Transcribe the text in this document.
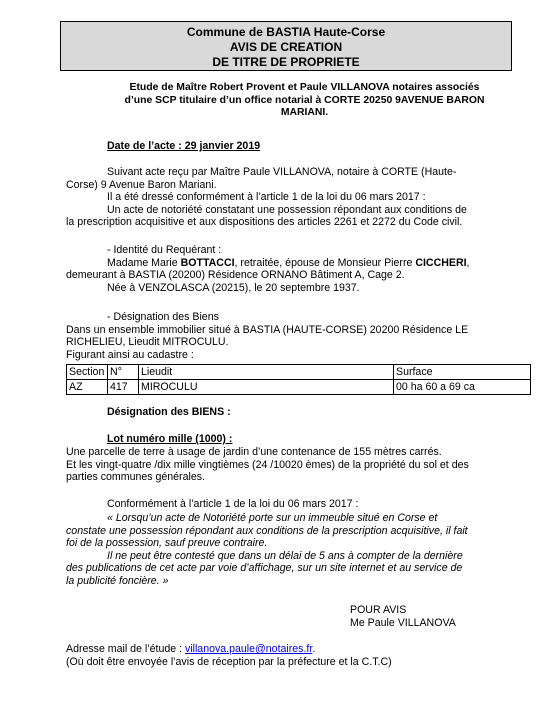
Commune de BASTIA Haute-Corse
AVIS DE CREATION
DE TITRE DE PROPRIETE
Etude de Maître Robert Provent et Paule VILLANOVA notaires associés
d’une SCP titulaire d’un office notarial à CORTE 20250 9AVENUE BARON
MARIANI.
Date de l’acte : 29 janvier 2019
Suivant acte reçu par Maître Paule VILLANOVA, notaire à CORTE (Haute-
Corse) 9 Avenue Baron Mariani.
Il a été dressé conformément à l’article 1 de la loi du 06 mars 2017 :
Un acte de notoriété constatant une possession répondant aux conditions de
la prescription acquisitive et aux dispositions des articles 2261 et 2272 du Code civil.
- Identité du Requérant :
Madame Marie BOTTACCI, retraitée, épouse de Monsieur Pierre CICCHERI,
demeurant à BASTIA (20200) Résidence ORNANO Bâtiment A, Cage 2.
Née à VENZOLASCA (20215), le 20 septembre 1937.
- Désignation des Biens
Dans un ensemble immobilier situé à BASTIA (HAUTE-CORSE) 20200 Résidence LE
RICHELIEU, Lieudit MITROCULU.
Figurant ainsi au cadastre :
Section	N°	Lieudit	Surface
AZ	417	MIROCULU	00 ha 60 a 69 ca
Désignation des BIENS :
Lot numéro mille (1000) :
Une parcelle de terre à usage de jardin d’une contenance de 155 mètres carrés.
Et les vingt-quatre /dix mille vingtièmes (24 /10020 èmes) de la propriété du sol et des
parties communes générales.
Conformément à l’article 1 de la loi du 06 mars 2017 :
« Lorsqu’un acte de Notoriété porte sur un immeuble situé en Corse et
constate une possession répondant aux conditions de la prescription acquisitive, il fait
foi de la possession, sauf preuve contraire.
Il ne peut être contesté que dans un délai de 5 ans à compter de la dernière
des publications de cet acte par voie d’affichage, sur un site internet et au service de
la publicité foncière. »
POUR AVIS
Me Paule VILLANOVA
Adresse mail de l’étude : villanova.paule@notaires.fr.
(Où doit être envoyée l’avis de réception par la préfecture et la C.T.C)
